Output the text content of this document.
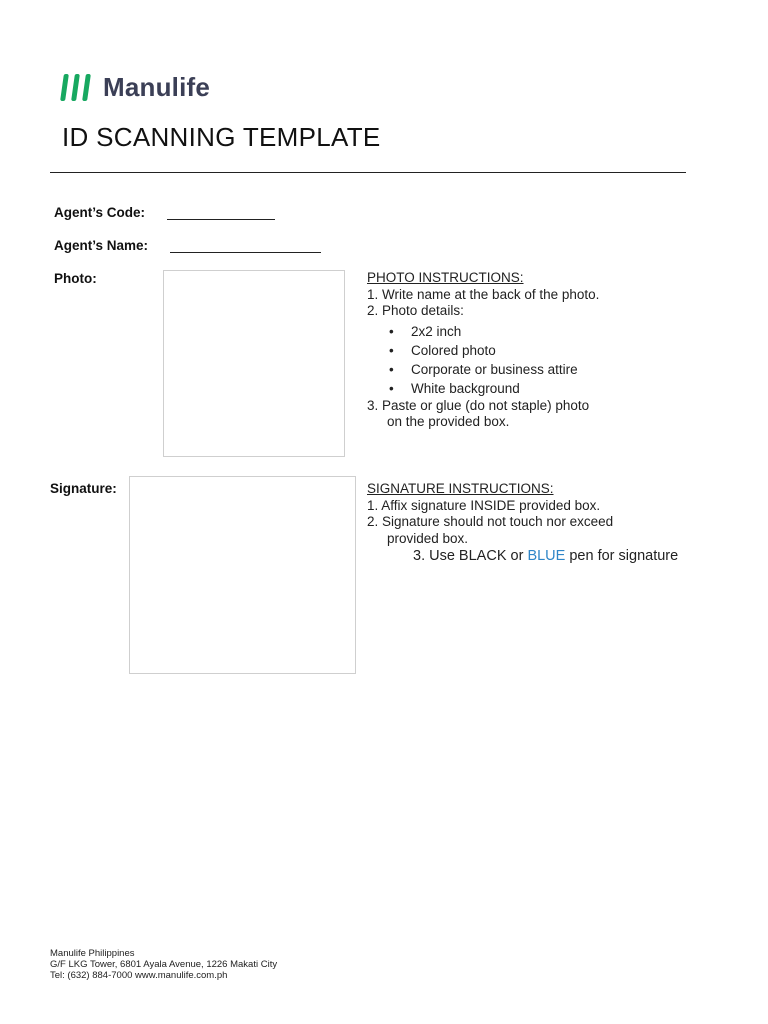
Manulife
ID SCANNING TEMPLATE
Agent’s Code:
Agent’s Name:
Photo:	PHOTO INSTRUCTIONS:
1. Write name at the back of the photo.
2. Photo details:
• 2x2 inch
• Colored photo
• Corporate or business attire
• White background
3. Paste or glue (do not staple) photo
on the provided box.
Signature:	SIGNATURE INSTRUCTIONS:
1. Affix signature INSIDE provided box.
2. Signature should not touch nor exceed
provided box.
3. Use BLACK or BLUE pen for signature
Manulife Philippines
G/F LKG Tower, 6801 Ayala Avenue, 1226 Makati City
Tel: (632) 884-7000 www.manulife.com.ph
